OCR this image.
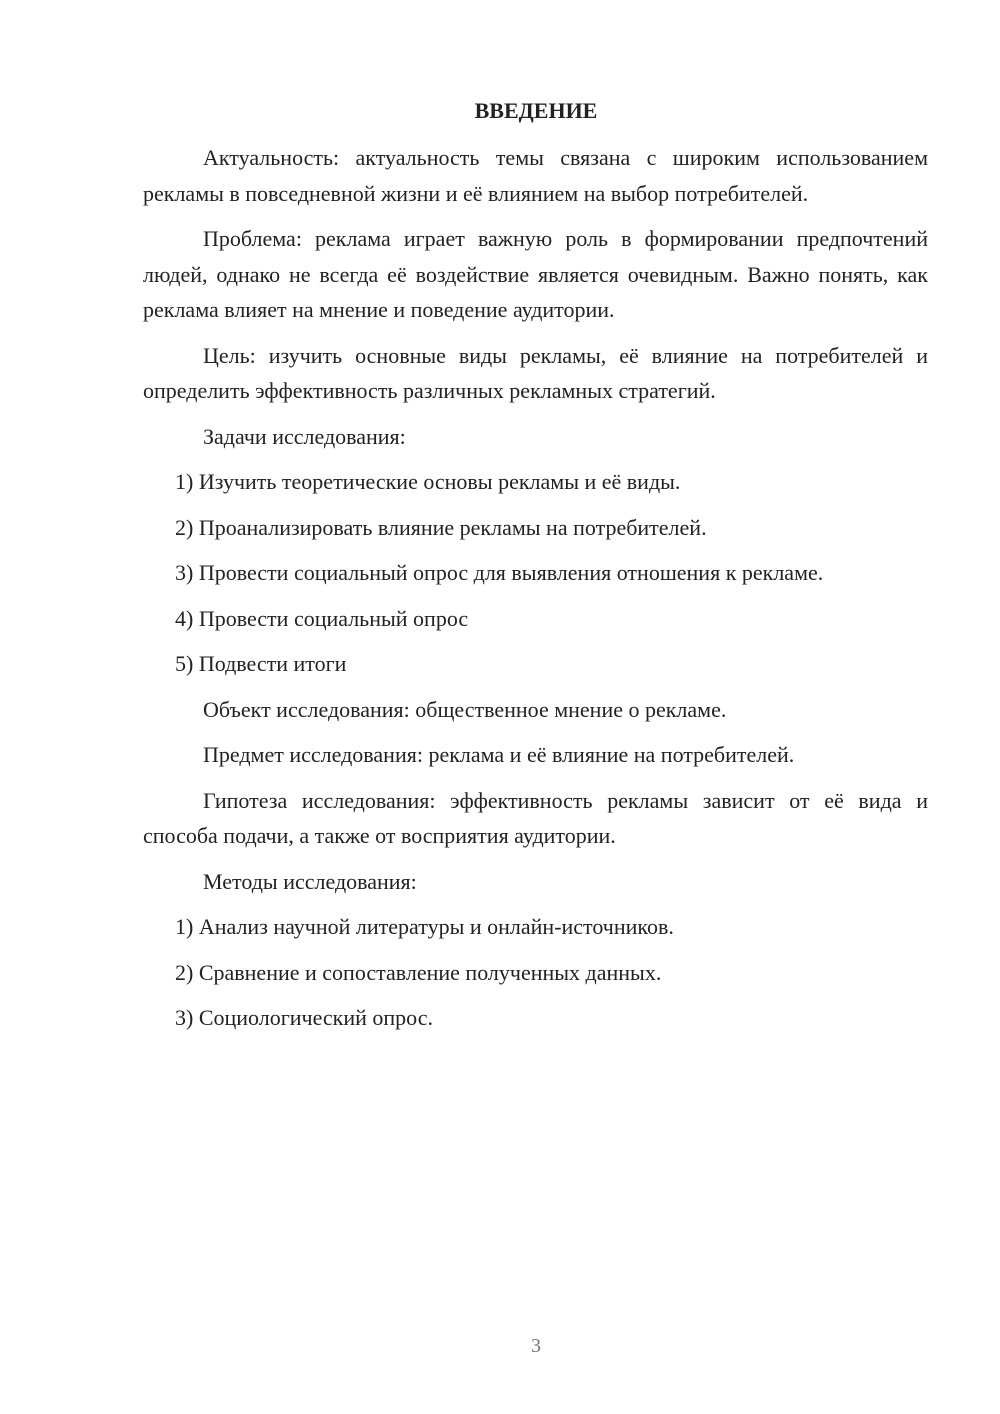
ВВЕДЕНИЕ

Актуальность: актуальность темы связана с широким использованием рекламы в повседневной жизни и её влиянием на выбор потребителей.

Проблема: реклама играет важную роль в формировании предпочтений людей, однако не всегда её воздействие является очевидным. Важно понять, как реклама влияет на мнение и поведение аудитории.

Цель: изучить основные виды рекламы, её влияние на потребителей и определить эффективность различных рекламных стратегий.

Задачи исследования:

1) Изучить теоретические основы рекламы и её виды.

2) Проанализировать влияние рекламы на потребителей.

3) Провести социальный опрос для выявления отношения к рекламе.

4) Провести социальный опрос

5) Подвести итоги

Объект исследования: общественное мнение о рекламе.

Предмет исследования: реклама и её влияние на потребителей.

Гипотеза исследования: эффективность рекламы зависит от её вида и способа подачи, а также от восприятия аудитории.

Методы исследования:

1) Анализ научной литературы и онлайн-источников.

2) Сравнение и сопоставление полученных данных.

3) Социологический опрос.

3
